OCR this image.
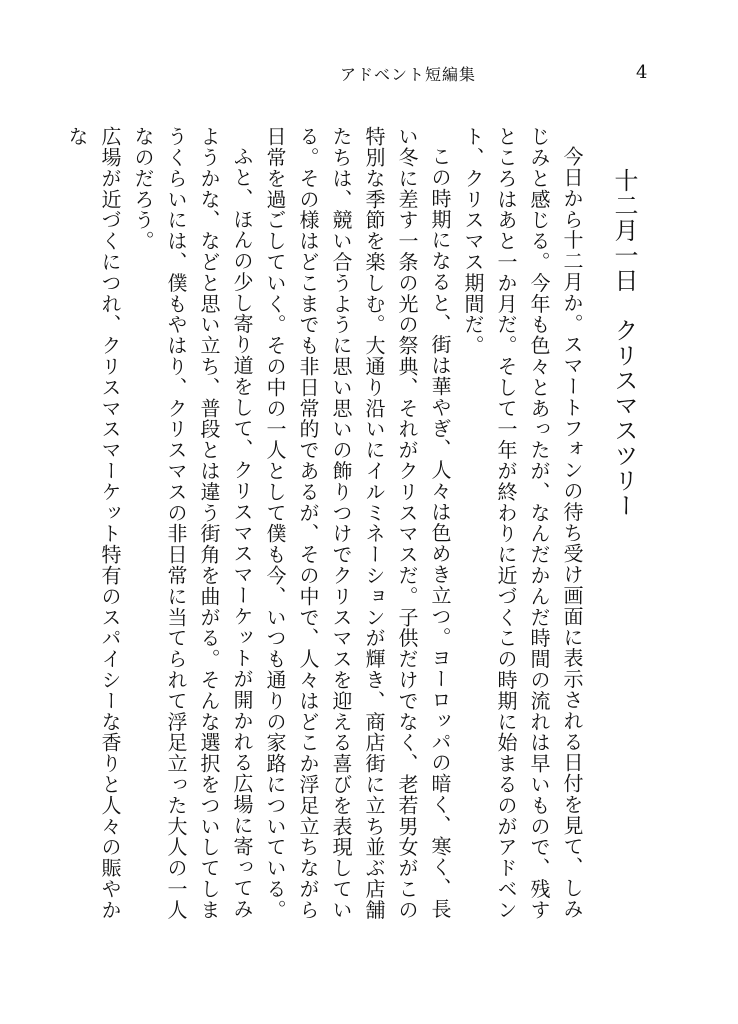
アドベント短編集	4
十二月一日　クリスマスツリー

今日から十二月か。スマートフォンの待ち受け画面に表示される日付を見て、しみじみと感じる。今年も色々とあったが、なんだかんだ時間の流れは早いもので、残すところはあと一か月だ。そして一年が終わりに近づくこの時期に始まるのがアドベント、クリスマス期間だ。

この時期になると、街は華やぎ、人々は色めき立つ。ヨーロッパの暗く、寒く、長い冬に差す一条の光の祭典、それがクリスマスだ。子供だけでなく、老若男女がこの特別な季節を楽しむ。大通り沿いにイルミネーションが輝き、商店街に立ち並ぶ店舗たちは、競い合うように思い思いの飾りつけでクリスマスを迎える喜びを表現している。その様はどこまでも非日常的であるが、その中で、人々はどこか浮足立ちながら日常を過ごしていく。その中の一人として僕も今、いつも通りの家路についている。

ふと、ほんの少し寄り道をして、クリスマスマーケットが開かれる広場に寄ってみようかな、などと思い立ち、普段とは違う街角を曲がる。そんな選択をついしてしまうくらいには、僕もやはり、クリスマスの非日常に当てられて浮足立った大人の一人なのだろう。

広場が近づくにつれ、クリスマスマーケット特有のスパイシーな香りと人々の賑やかな
